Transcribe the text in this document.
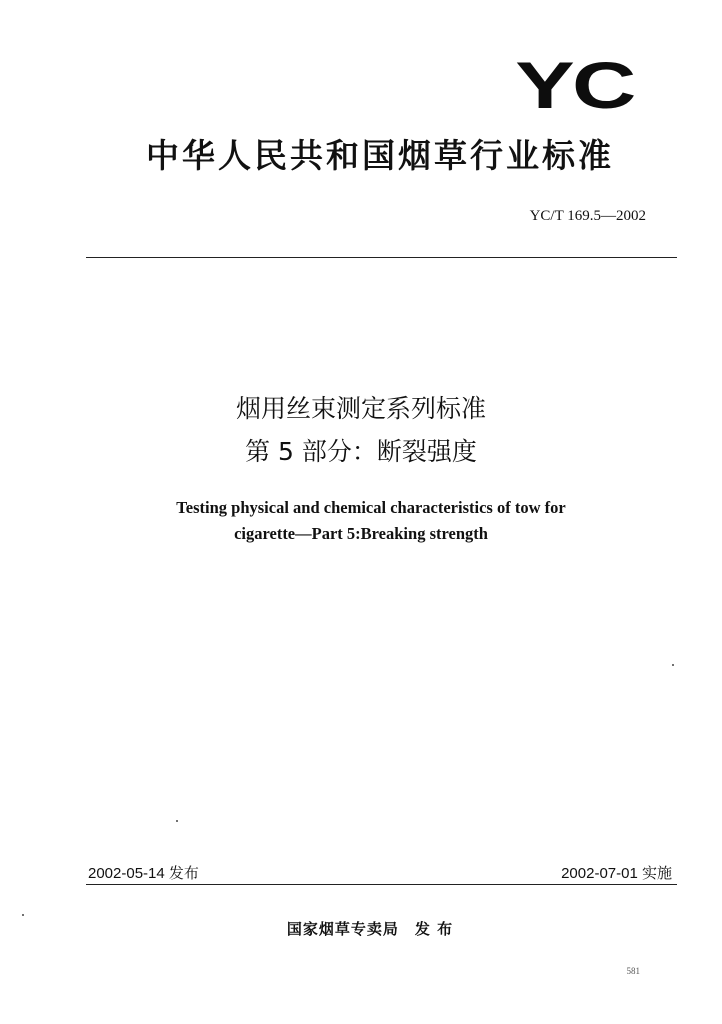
YC
中华人民共和国烟草行业标准
YC/T 169.5—2002
烟用丝束测定系列标准
第 5 部分：断裂强度
Testing physical and chemical characteristics of tow for
cigarette—Part 5:Breaking strength
2002-05-14 发布	2002-07-01 实施
国家烟草专卖局　发 布
581
